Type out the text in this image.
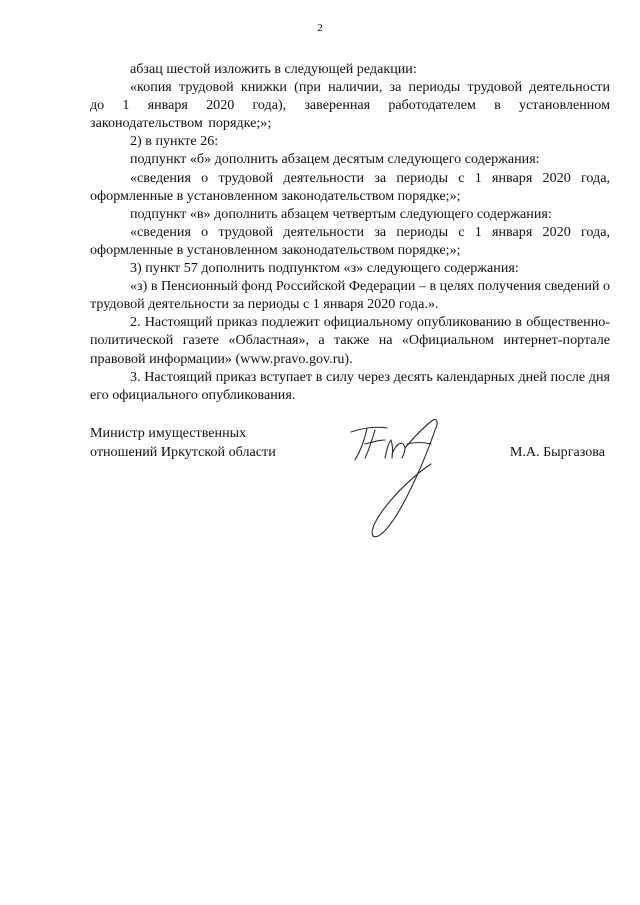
2

абзац шестой изложить в следующей редакции:

«копия трудовой книжки (при наличии, за периоды трудовой деятельности до 1 января 2020 года), заверенная работодателем в установленном законодательством порядке;»;

2) в пункте 26:

подпункт «б» дополнить абзацем десятым следующего содержания:

«сведения о трудовой деятельности за периоды с 1 января 2020 года, оформленные в установленном законодательством порядке;»;

подпункт «в» дополнить абзацем четвертым следующего содержания:

«сведения о трудовой деятельности за периоды с 1 января 2020 года, оформленные в установленном законодательством порядке;»;

3) пункт 57 дополнить подпунктом «з» следующего содержания:

«з) в Пенсионный фонд Российской Федерации – в целях получения сведений о трудовой деятельности за периоды с 1 января 2020 года.».

2. Настоящий приказ подлежит официальному опубликованию в общественно-политической газете «Областная», а также на «Официальном интернет-портале правовой информации» (www.pravo.gov.ru).

3. Настоящий приказ вступает в силу через десять календарных дней после дня его официального опубликования.

Министр имущественных
отношений Иркутской области	М.А. Быргазова
